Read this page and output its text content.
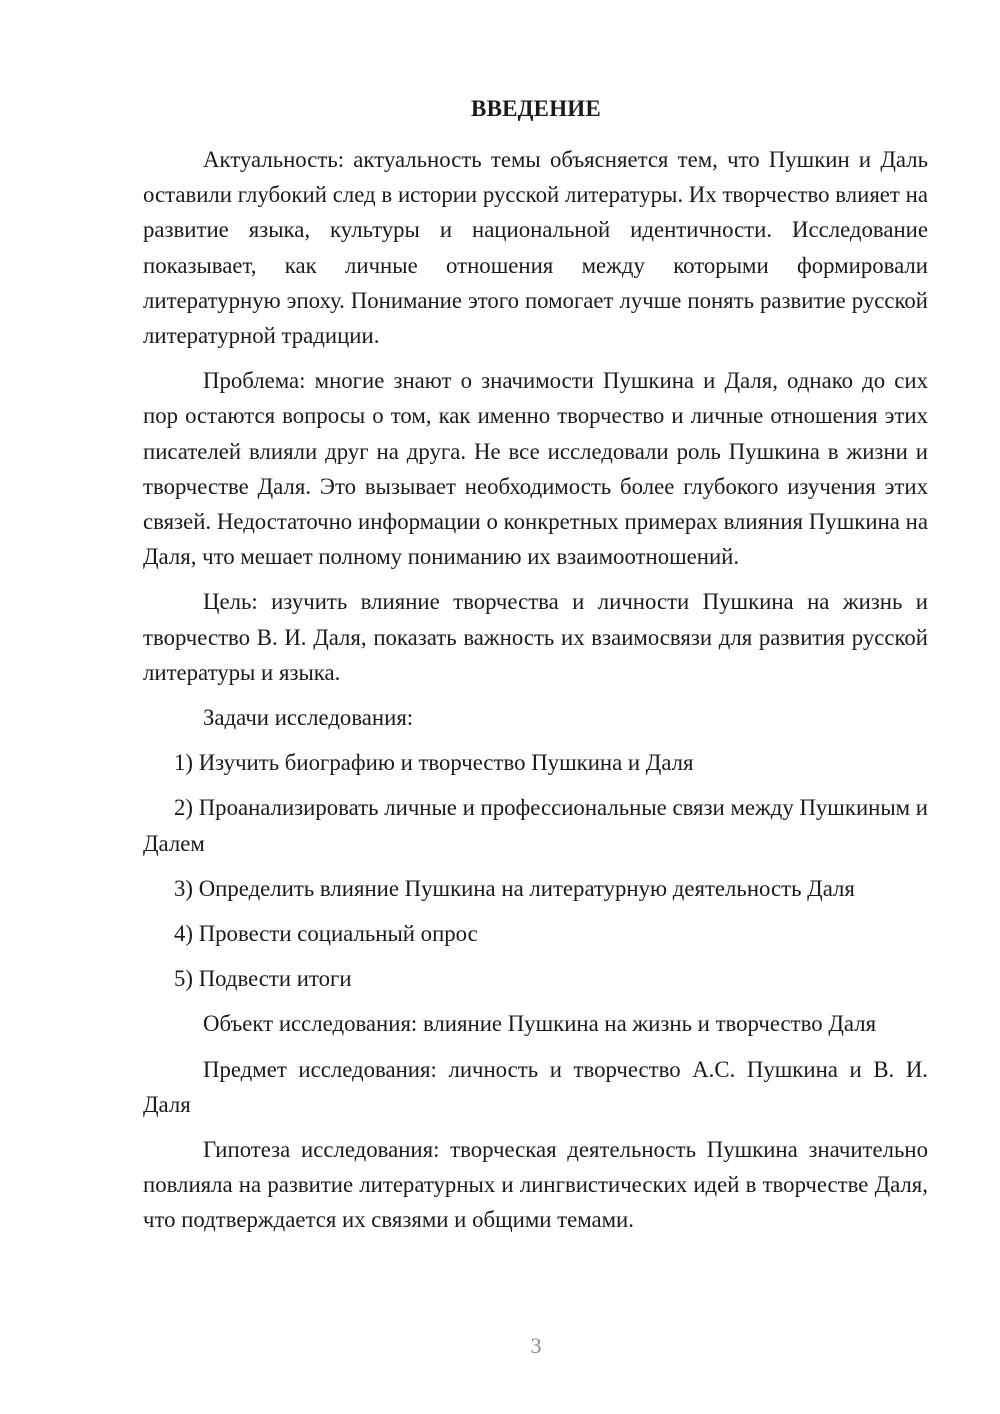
ВВЕДЕНИЕ

Актуальность: актуальность темы объясняется тем, что Пушкин и Даль оставили глубокий след в истории русской литературы. Их творчество влияет на развитие языка, культуры и национальной идентичности. Исследование показывает, как личные отношения между которыми формировали литературную эпоху. Понимание этого помогает лучше понять развитие русской литературной традиции.

Проблема: многие знают о значимости Пушкина и Даля, однако до сих пор остаются вопросы о том, как именно творчество и личные отношения этих писателей влияли друг на друга. Не все исследовали роль Пушкина в жизни и творчестве Даля. Это вызывает необходимость более глубокого изучения этих связей. Недостаточно информации о конкретных примерах влияния Пушкина на Даля, что мешает полному пониманию их взаимоотношений.

Цель: изучить влияние творчества и личности Пушкина на жизнь и творчество В. И. Даля, показать важность их взаимосвязи для развития русской литературы и языка.

Задачи исследования:

1) Изучить биографию и творчество Пушкина и Даля

2) Проанализировать личные и профессиональные связи между Пушкиным и Далем

3) Определить влияние Пушкина на литературную деятельность Даля

4) Провести социальный опрос

5) Подвести итоги

Объект исследования: влияние Пушкина на жизнь и творчество Даля

Предмет исследования: личность и творчество А.С. Пушкина и В. И. Даля

Гипотеза исследования: творческая деятельность Пушкина значительно повлияла на развитие литературных и лингвистических идей в творчестве Даля, что подтверждается их связями и общими темами.

3
